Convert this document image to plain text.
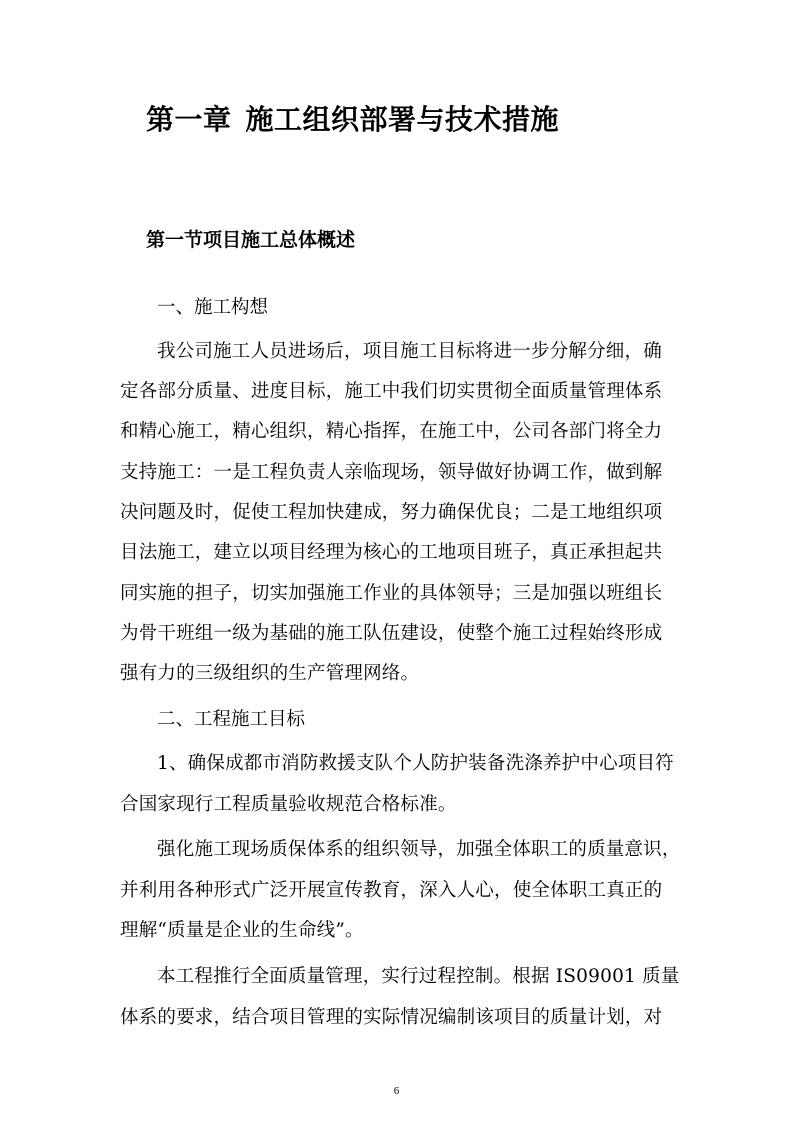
第一章 施工组织部署与技术措施
第一节项目施工总体概述
一、施工构想
我公司施工人员进场后，项目施工目标将进一步分解分细，确
定各部分质量、进度目标，施工中我们切实贯彻全面质量管理体系
和精心施工，精心组织，精心指挥，在施工中，公司各部门将全力
支持施工：一是工程负责人亲临现场，领导做好协调工作，做到解
决问题及时，促使工程加快建成，努力确保优良；二是工地组织项
目法施工，建立以项目经理为核心的工地项目班子，真正承担起共
同实施的担子，切实加强施工作业的具体领导；三是加强以班组长
为骨干班组一级为基础的施工队伍建设，使整个施工过程始终形成
强有力的三级组织的生产管理网络。
二、工程施工目标
1、确保成都市消防救援支队个人防护装备洗涤养护中心项目符
合国家现行工程质量验收规范合格标准。
强化施工现场质保体系的组织领导，加强全体职工的质量意识，
并利用各种形式广泛开展宣传教育，深入人心，使全体职工真正的
理解“质量是企业的生命线”。
本工程推行全面质量管理，实行过程控制。根据 IS09001 质量
体系的要求，结合项目管理的实际情况编制该项目的质量计划，对
6
